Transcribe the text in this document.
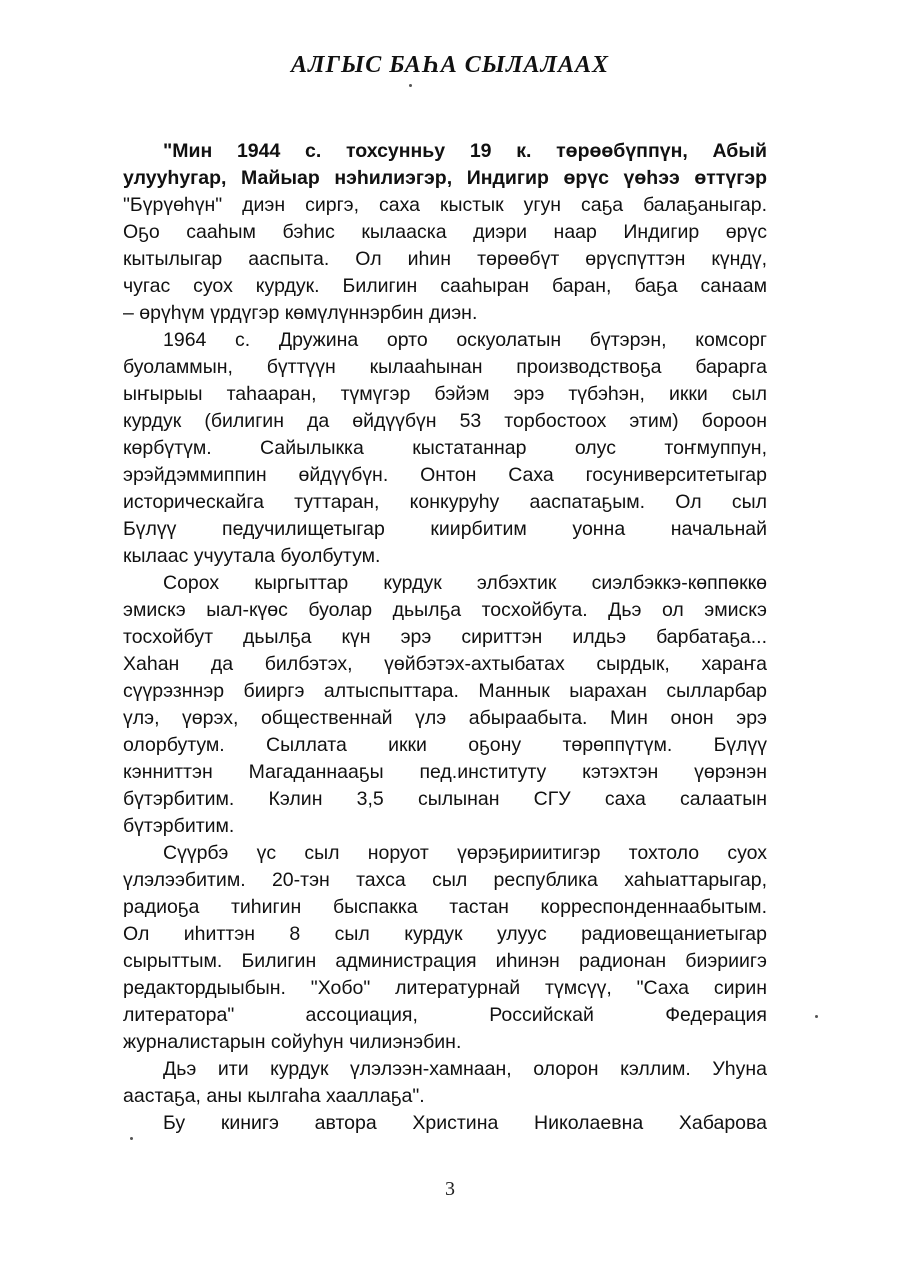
АЛГЫС БАҺА СЫЛАЛААХ
"Мин 1944 с. тохсунньу 19 к. төрөөбүппүн, Абый
улууһугар, Майыар нэһилиэгэр, Индигир өрүс үөһээ өттүгэр
"Бүрүөһүн" диэн сиргэ, саха кыстык угун саҕа балаҕаныгар.
Оҕо сааһым бэһис кылааска диэри наар Индигир өрүс
кытылыгар ааспыта. Ол иһин төрөөбүт өрүспүттэн күндү,
чугас суох курдук. Билигин сааһыран баран, баҕа санаам
– өрүһүм үрдүгэр көмүлүннэрбин диэн.
1964 с. Дружина орто оскуолатын бүтэрэн, комсорг
буоламмын, бүттүүн кылааһынан производствоҕа барарга
ыҥырыы таһааран, түмүгэр бэйэм эрэ түбэһэн, икки сыл
курдук (билигин да өйдүүбүн 53 торбостоох этим) бороон
көрбүтүм. Сайылыкка кыстатаннар олус тоҥмуппун,
эрэйдэммиппин өйдүүбүн. Онтон Саха госуниверситетыгар
историческайга туттаран, конкуруһу ааспатаҕым. Ол сыл
Бүлүү педучилищетыгар киирбитим уонна начальнай
кылаас учуутала буолбутум.
Сорох кыргыттар курдук элбэхтик сиэлбэккэ-көппөккө
эмискэ ыал-күөс буолар дьылҕа тосхойбута. Дьэ ол эмискэ
тосхойбут дьылҕа күн эрэ сириттэн илдьэ барбатаҕа...
Хаһан да билбэтэх, үөйбэтэх-ахтыбатах сырдык, хараҥа
сүүрэзннэр бииргэ алтыспыттара. Маннык ыарахан сылларбар
үлэ, үөрэх, общественнай үлэ абыраабыта. Мин онон эрэ
олорбутум. Сыллата икки оҕону төрөппүтүм. Бүлүү
кэнниттэн Магаданнааҕы пед.институту кэтэхтэн үөрэнэн
бүтэрбитим. Кэлин 3,5 сылынан СГУ саха салаатын
бүтэрбитим.
Сүүрбэ үс сыл норуот үөрэҕириитигэр тохтоло суох
үлэлээбитим. 20-тэн тахса сыл республика хаһыаттарыгар,
радиоҕа тиһигин быспакка тастан корреспонденнаабытым.
Ол иһиттэн 8 сыл курдук улуус радиовещаниетыгар
сырыттым. Билигин администрация иһинэн радионан биэриигэ
редактордыыбын. "Хобо" литературнай түмсүү, "Саха сирин
литератора" ассоциация, Российскай Федерация
журналистарын сойуһун чилиэнэбин.
Дьэ ити курдук үлэлээн-хамнаан, олорон кэллим. Уһуна
аастаҕа, аны кылгаһа хааллаҕа".
Бу кинигэ автора Христина Николаевна Хабарова
3
